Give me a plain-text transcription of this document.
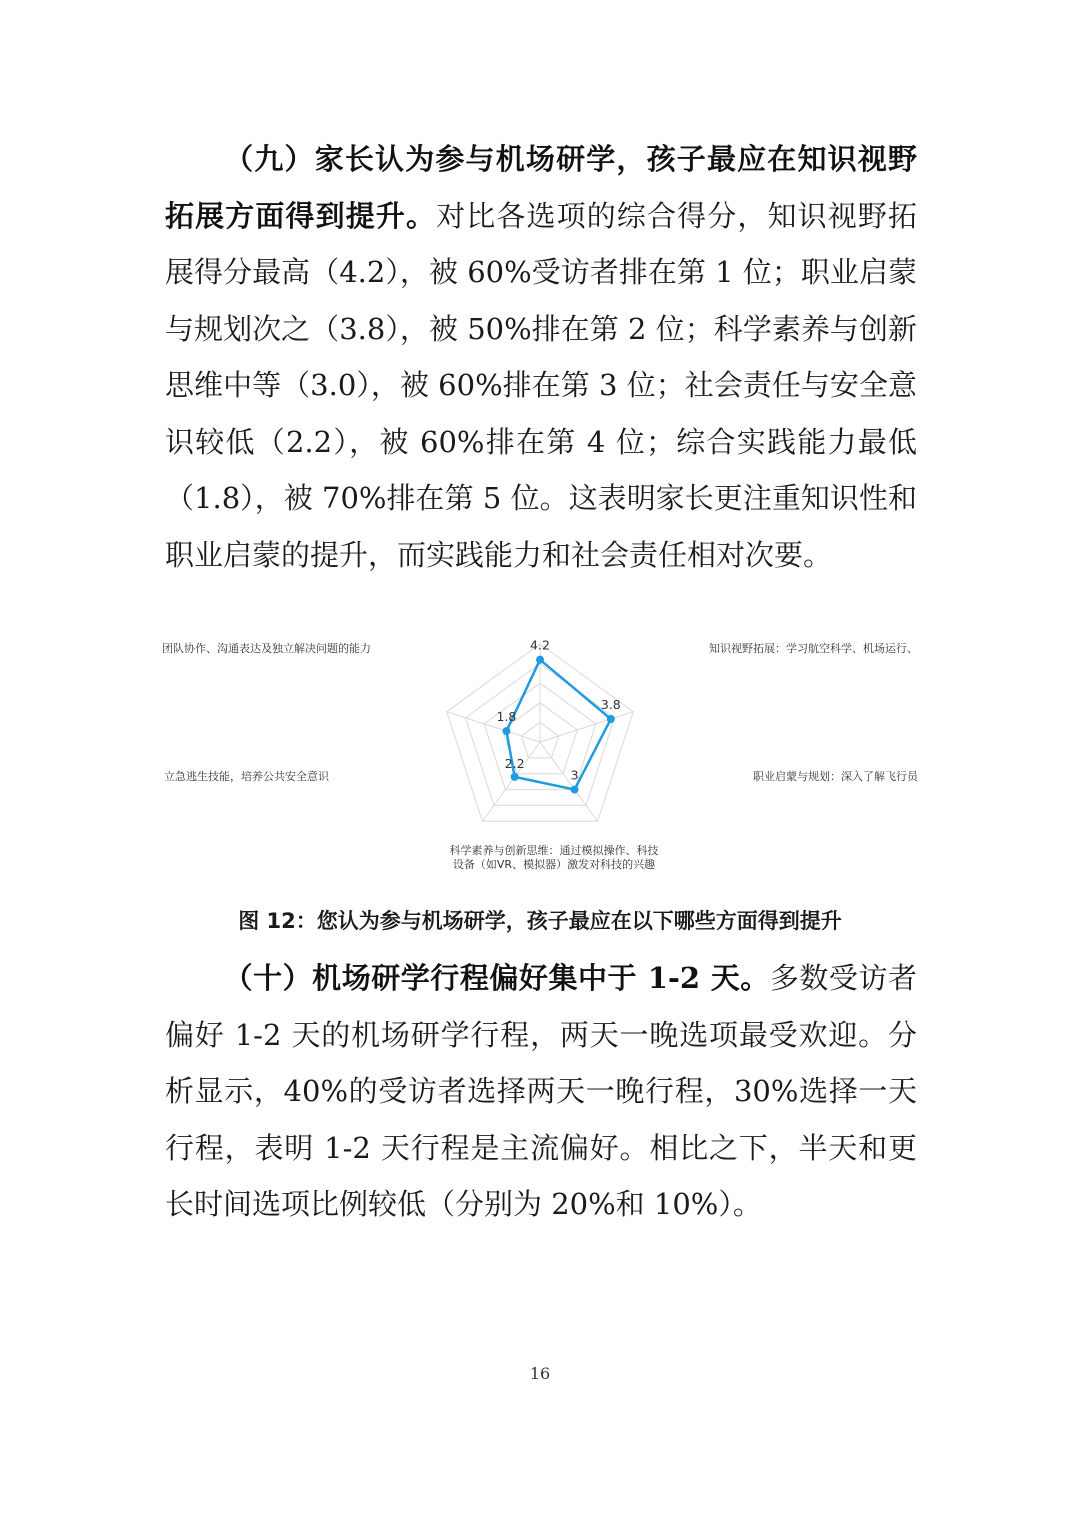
（九）家长认为参与机场研学，孩子最应在知识视野拓展方面得到提升。对比各选项的综合得分，知识视野拓展得分最高（4.2），被 60%受访者排在第 1 位；职业启蒙与规划次之（3.8），被 50%排在第 2 位；科学素养与创新思维中等（3.0），被 60%排在第 3 位；社会责任与安全意识较低（2.2），被 60%排在第 4 位；综合实践能力最低（1.8），被 70%排在第 5 位。这表明家长更注重知识性和职业启蒙的提升，而实践能力和社会责任相对次要。

4.2
3.8
3
2.2
1.8
知识视野拓展：学习航空科学、机场运行、
职业启蒙与规划：深入了解飞行员
科学素养与创新思维：通过模拟操作、科技
设备（如VR、模拟器）激发对科技的兴趣
立急逃生技能，培养公共安全意识
团队协作、沟通表达及独立解决问题的能力
图 12：您认为参与机场研学，孩子最应在以下哪些方面得到提升

（十）机场研学行程偏好集中于 1-2 天。多数受访者偏好 1-2 天的机场研学行程，两天一晚选项最受欢迎。分析显示，40%的受访者选择两天一晚行程，30%选择一天行程，表明 1-2 天行程是主流偏好。相比之下，半天和更长时间选项比例较低（分别为 20%和 10%）。

16
